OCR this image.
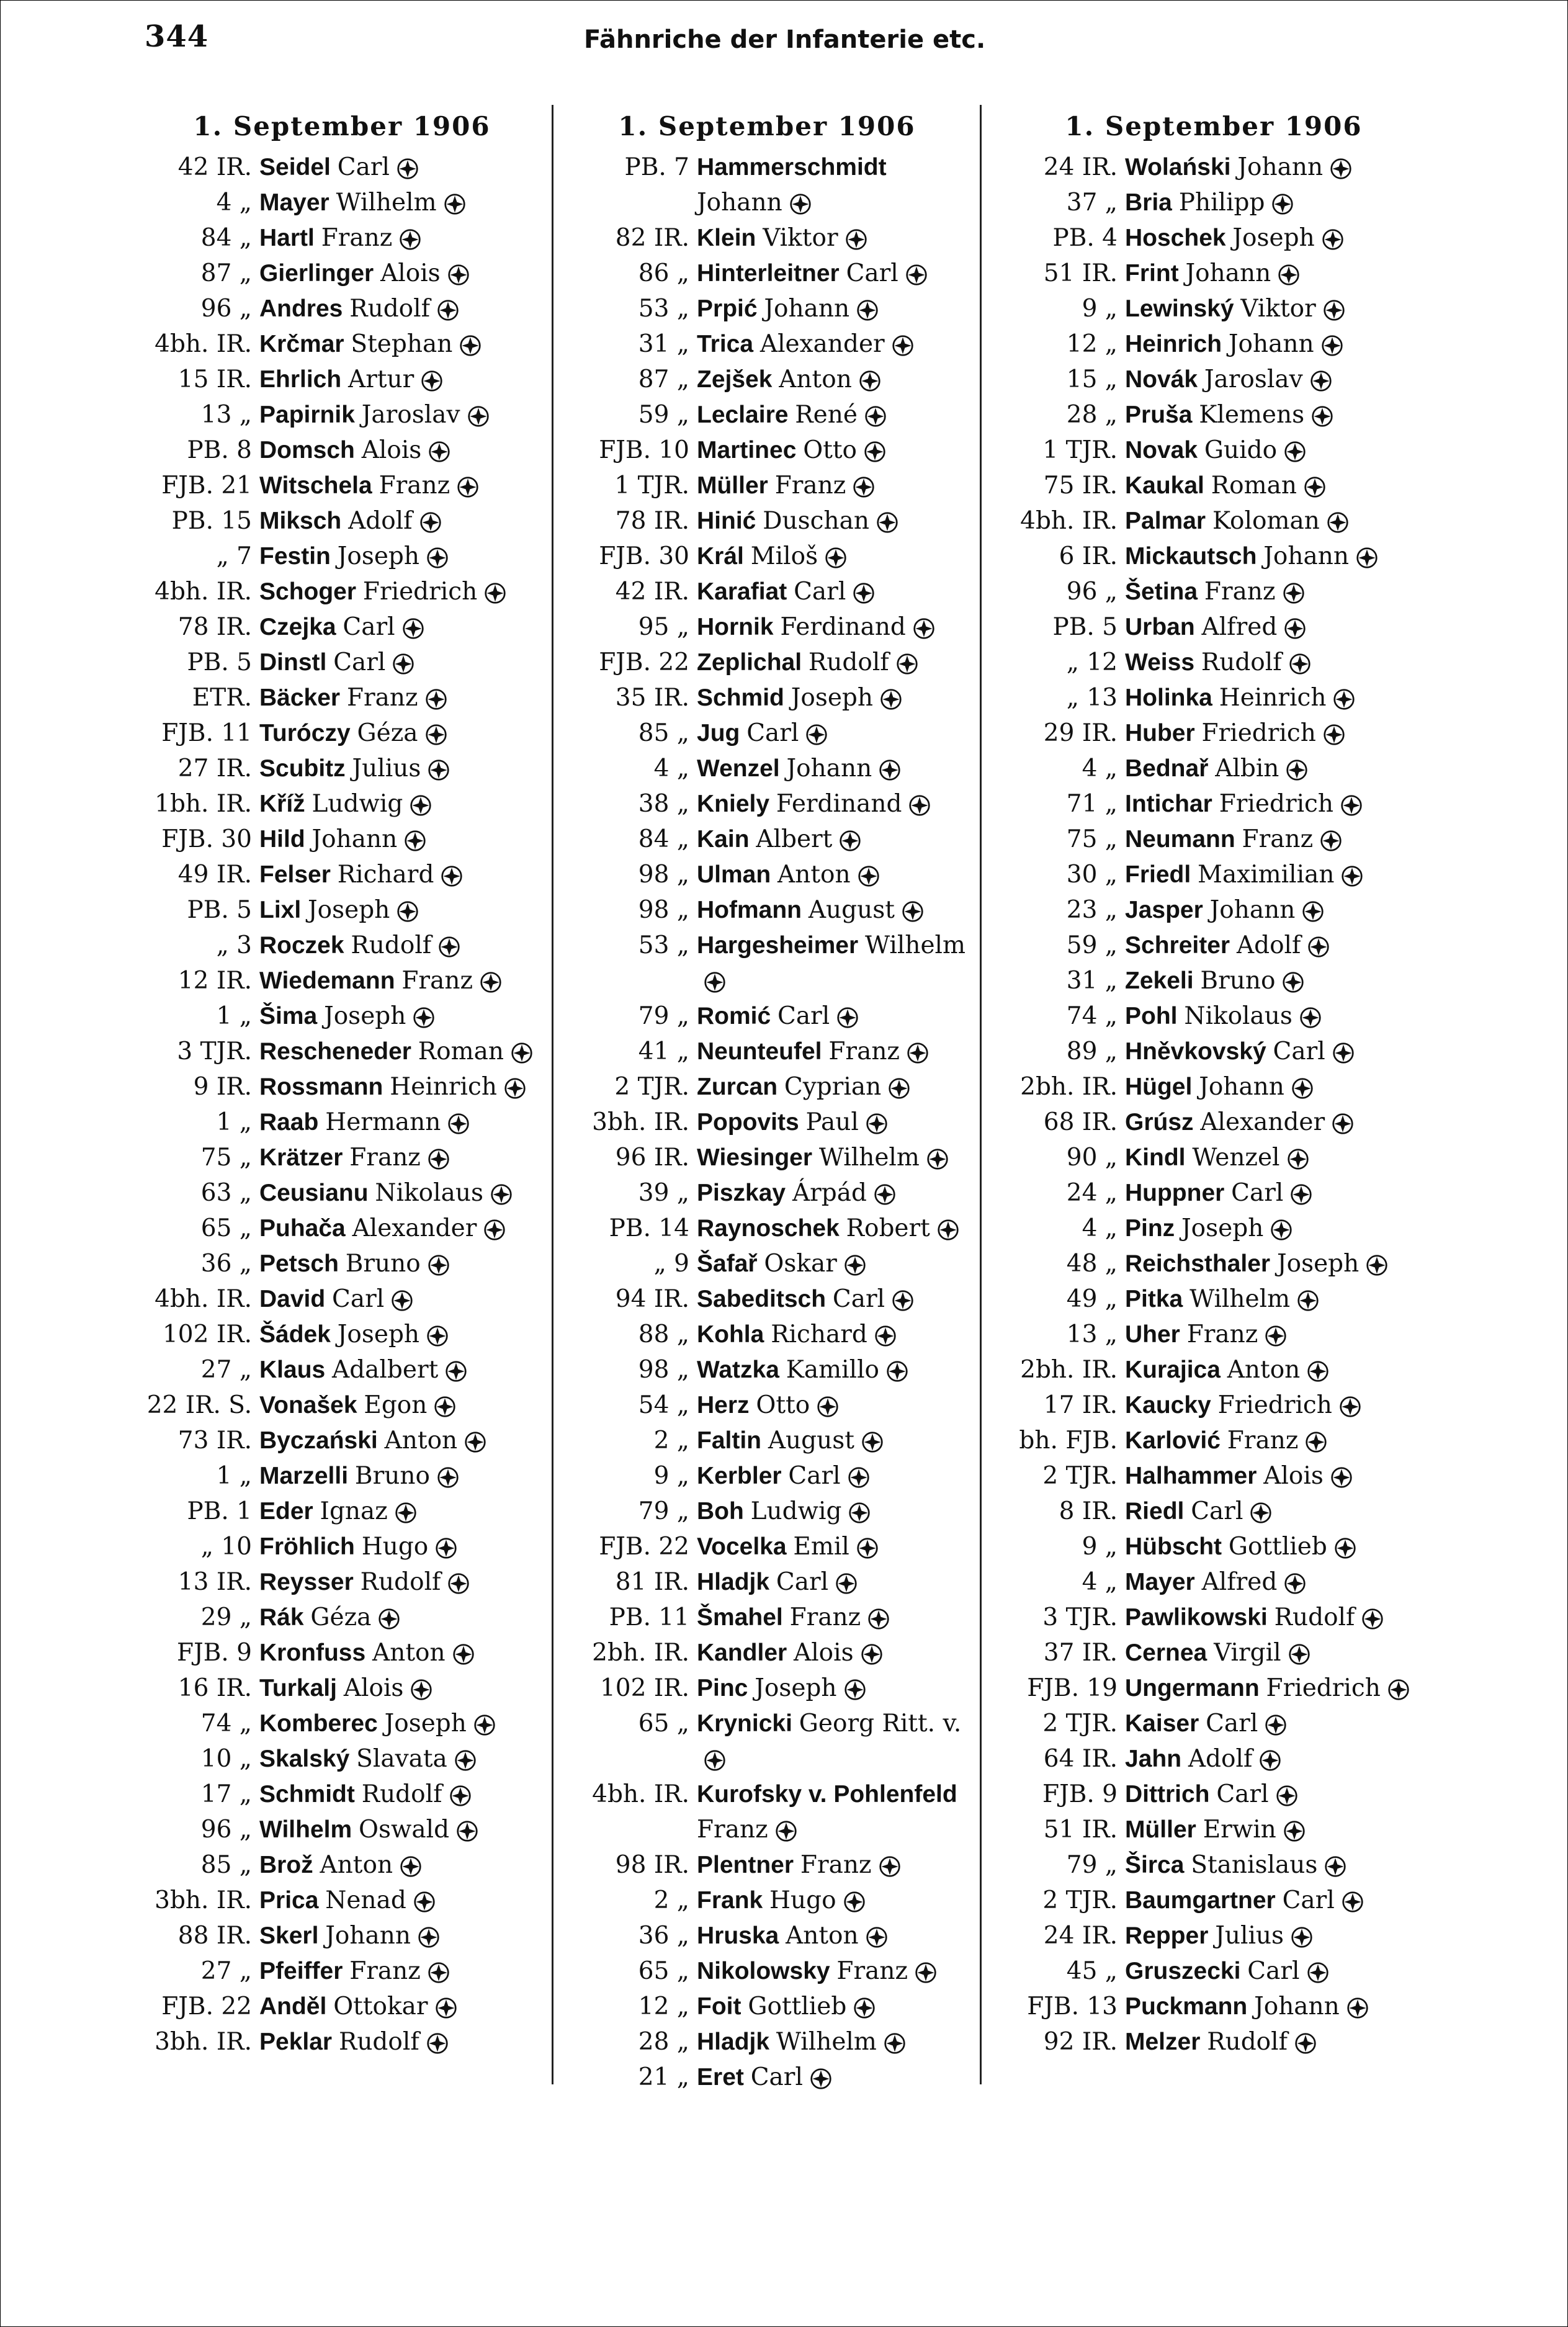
344	Fähnriche der Infanterie etc.
1. September 1906
42 IR. Seidel Carl
4 „ Mayer Wilhelm
84 „ Hartl Franz
87 „ Gierlinger Alois
96 „ Andres Rudolf
4bh. IR. Krčmar Stephan
15 IR. Ehrlich Artur
13 „ Papirnik Jaroslav
PB. 8 Domsch Alois
FJB. 21 Witschela Franz
PB. 15 Miksch Adolf
„ 7 Festin Joseph
4bh. IR. Schoger Friedrich
78 IR. Czejka Carl
PB. 5 Dinstl Carl
ETR. Bäcker Franz
FJB. 11 Turóczy Géza
27 IR. Scubitz Julius
1bh. IR. Kříž Ludwig
FJB. 30 Hild Johann
49 IR. Felser Richard
PB. 5 Lixl Joseph
„ 3 Roczek Rudolf
12 IR. Wiedemann Franz
1 „ Šima Joseph
3 TJR. Rescheneder Roman
9 IR. Rossmann Heinrich
1 „ Raab Hermann
75 „ Krätzer Franz
63 „ Ceusianu Nikolaus
65 „ Puhača Alexander
36 „ Petsch Bruno
4bh. IR. David Carl
102 IR. Šádek Joseph
27 „ Klaus Adalbert
22 IR. S. Vonašek Egon
73 IR. Byczański Anton
1 „ Marzelli Bruno
PB. 1 Eder Ignaz
„ 10 Fröhlich Hugo
13 IR. Reysser Rudolf
29 „ Rák Géza
FJB. 9 Kronfuss Anton
16 IR. Turkalj Alois
74 „ Komberec Joseph
10 „ Skalský Slavata
17 „ Schmidt Rudolf
96 „ Wilhelm Oswald
85 „ Brož Anton
3bh. IR. Prica Nenad
88 IR. Skerl Johann
27 „ Pfeiffer Franz
FJB. 22 Anděl Ottokar
3bh. IR. Peklar Rudolf
1. September 1906
PB. 7 Hammerschmidt Johann
82 IR. Klein Viktor
86 „ Hinterleitner Carl
53 „ Prpić Johann
31 „ Trica Alexander
87 „ Zejšek Anton
59 „ Leclaire René
FJB. 10 Martinec Otto
1 TJR. Müller Franz
78 IR. Hinić Duschan
FJB. 30 Král Miloš
42 IR. Karafiat Carl
95 „ Hornik Ferdinand
FJB. 22 Zeplichal Rudolf
35 IR. Schmid Joseph
85 „ Jug Carl
4 „ Wenzel Johann
38 „ Kniely Ferdinand
84 „ Kain Albert
98 „ Ulman Anton
98 „ Hofmann August
53 „ Hargesheimer Wilhelm
79 „ Romić Carl
41 „ Neunteufel Franz
2 TJR. Zurcan Cyprian
3bh. IR. Popovits Paul
96 IR. Wiesinger Wilhelm
39 „ Piszkay Árpád
PB. 14 Raynoschek Robert
„ 9 Šafař Oskar
94 IR. Sabeditsch Carl
88 „ Kohla Richard
98 „ Watzka Kamillo
54 „ Herz Otto
2 „ Faltin August
9 „ Kerbler Carl
79 „ Boh Ludwig
FJB. 22 Vocelka Emil
81 IR. Hladjk Carl
PB. 11 Šmahel Franz
2bh. IR. Kandler Alois
102 IR. Pinc Joseph
65 „ Krynicki Georg Ritt. v.
4bh. IR. Kurofsky v. Pohlenfeld Franz
98 IR. Plentner Franz
2 „ Frank Hugo
36 „ Hruska Anton
65 „ Nikolowsky Franz
12 „ Foit Gottlieb
28 „ Hladjk Wilhelm
21 „ Eret Carl
1. September 1906
24 IR. Wolański Johann
37 „ Bria Philipp
PB. 4 Hoschek Joseph
51 IR. Frint Johann
9 „ Lewinský Viktor
12 „ Heinrich Johann
15 „ Novák Jaroslav
28 „ Pruša Klemens
1 TJR. Novak Guido
75 IR. Kaukal Roman
4bh. IR. Palmar Koloman
6 IR. Mickautsch Johann
96 „ Šetina Franz
PB. 5 Urban Alfred
„ 12 Weiss Rudolf
„ 13 Holinka Heinrich
29 IR. Huber Friedrich
4 „ Bednař Albin
71 „ Intichar Friedrich
75 „ Neumann Franz
30 „ Friedl Maximilian
23 „ Jasper Johann
59 „ Schreiter Adolf
31 „ Zekeli Bruno
74 „ Pohl Nikolaus
89 „ Hněvkovský Carl
2bh. IR. Hügel Johann
68 IR. Grúsz Alexander
90 „ Kindl Wenzel
24 „ Huppner Carl
4 „ Pinz Joseph
48 „ Reichsthaler Joseph
49 „ Pitka Wilhelm
13 „ Uher Franz
2bh. IR. Kurajica Anton
17 IR. Kaucky Friedrich
bh. FJB. Karlović Franz
2 TJR. Halhammer Alois
8 IR. Riedl Carl
9 „ Hübscht Gottlieb
4 „ Mayer Alfred
3 TJR. Pawlikowski Rudolf
37 IR. Cernea Virgil
FJB. 19 Ungermann Friedrich
2 TJR. Kaiser Carl
64 IR. Jahn Adolf
FJB. 9 Dittrich Carl
51 IR. Müller Erwin
79 „ Širca Stanislaus
2 TJR. Baumgartner Carl
24 IR. Repper Julius
45 „ Gruszecki Carl
FJB. 13 Puckmann Johann
92 IR. Melzer Rudolf
